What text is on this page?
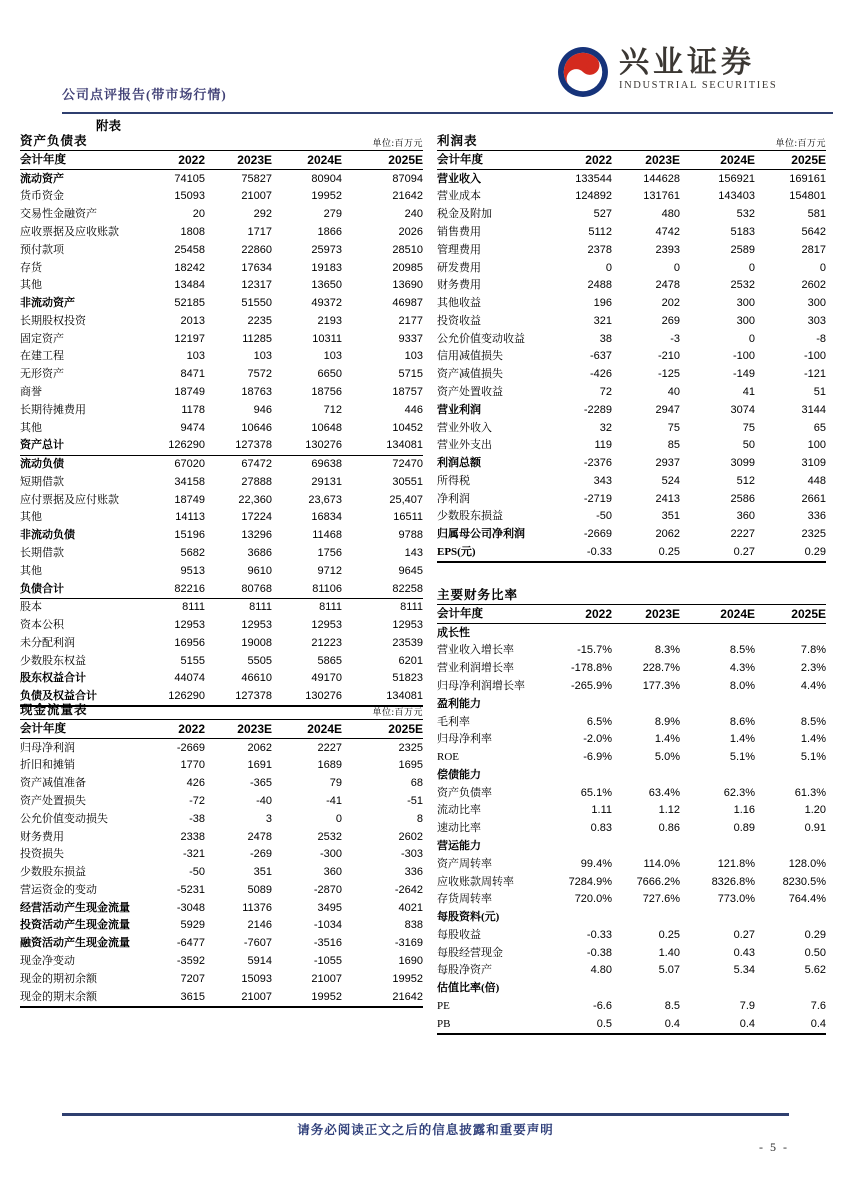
公司点评报告(带市场行情)
兴业证券
INDUSTRIAL SECURITIES
附表
资产负债表	单位:百万元
会计年度	2022	2023E	2024E	2025E
流动资产	74105	75827	80904	87094
货币资金	15093	21007	19952	21642
交易性金融资产	20	292	279	240
应收票据及应收账款	1808	1717	1866	2026
预付款项	25458	22860	25973	28510
存货	18242	17634	19183	20985
其他	13484	12317	13650	13690
非流动资产	52185	51550	49372	46987
长期股权投资	2013	2235	2193	2177
固定资产	12197	11285	10311	9337
在建工程	103	103	103	103
无形资产	8471	7572	6650	5715
商誉	18749	18763	18756	18757
长期待摊费用	1178	946	712	446
其他	9474	10646	10648	10452
资产总计	126290	127378	130276	134081
流动负债	67020	67472	69638	72470
短期借款	34158	27888	29131	30551
应付票据及应付账款	18749	22,360	23,673	25,407
其他	14113	17224	16834	16511
非流动负债	15196	13296	11468	9788
长期借款	5682	3686	1756	143
其他	9513	9610	9712	9645
负债合计	82216	80768	81106	82258
股本	8111	8111	8111	8111
资本公积	12953	12953	12953	12953
未分配利润	16956	19008	21223	23539
少数股东权益	5155	5505	5865	6201
股东权益合计	44074	46610	49170	51823
负债及权益合计	126290	127378	130276	134081
现金流量表	单位:百万元
会计年度	2022	2023E	2024E	2025E
归母净利润	-2669	2062	2227	2325
折旧和摊销	1770	1691	1689	1695
资产减值准备	426	-365	79	68
资产处置损失	-72	-40	-41	-51
公允价值变动损失	-38	3	0	8
财务费用	2338	2478	2532	2602
投资损失	-321	-269	-300	-303
少数股东损益	-50	351	360	336
营运资金的变动	-5231	5089	-2870	-2642
经营活动产生现金流量	-3048	11376	3495	4021
投资活动产生现金流量	5929	2146	-1034	838
融资活动产生现金流量	-6477	-7607	-3516	-3169
现金净变动	-3592	5914	-1055	1690
现金的期初余额	7207	15093	21007	19952
现金的期末余额	3615	21007	19952	21642
利润表	单位:百万元
会计年度	2022	2023E	2024E	2025E
营业收入	133544	144628	156921	169161
营业成本	124892	131761	143403	154801
税金及附加	527	480	532	581
销售费用	5112	4742	5183	5642
管理费用	2378	2393	2589	2817
研发费用	0	0	0	0
财务费用	2488	2478	2532	2602
其他收益	196	202	300	300
投资收益	321	269	300	303
公允价值变动收益	38	-3	0	-8
信用减值损失	-637	-210	-100	-100
资产减值损失	-426	-125	-149	-121
资产处置收益	72	40	41	51
营业利润	-2289	2947	3074	3144
营业外收入	32	75	75	65
营业外支出	119	85	50	100
利润总额	-2376	2937	3099	3109
所得税	343	524	512	448
净利润	-2719	2413	2586	2661
少数股东损益	-50	351	360	336
归属母公司净利润	-2669	2062	2227	2325
EPS(元)	-0.33	0.25	0.27	0.29
主要财务比率
会计年度	2022	2023E	2024E	2025E
成长性				
营业收入增长率	-15.7%	8.3%	8.5%	7.8%
营业利润增长率	-178.8%	228.7%	4.3%	2.3%
归母净利润增长率	-265.9%	177.3%	8.0%	4.4%
盈利能力				
毛利率	6.5%	8.9%	8.6%	8.5%
归母净利率	-2.0%	1.4%	1.4%	1.4%
ROE	-6.9%	5.0%	5.1%	5.1%
偿债能力				
资产负债率	65.1%	63.4%	62.3%	61.3%
流动比率	1.11	1.12	1.16	1.20
速动比率	0.83	0.86	0.89	0.91
营运能力				
资产周转率	99.4%	114.0%	121.8%	128.0%
应收账款周转率	7284.9%	7666.2%	8326.8%	8230.5%
存货周转率	720.0%	727.6%	773.0%	764.4%
每股资料(元)				
每股收益	-0.33	0.25	0.27	0.29
每股经营现金	-0.38	1.40	0.43	0.50
每股净资产	4.80	5.07	5.34	5.62
估值比率(倍)				
PE	-6.6	8.5	7.9	7.6
PB	0.5	0.4	0.4	0.4
请务必阅读正文之后的信息披露和重要声明
- 5 -
